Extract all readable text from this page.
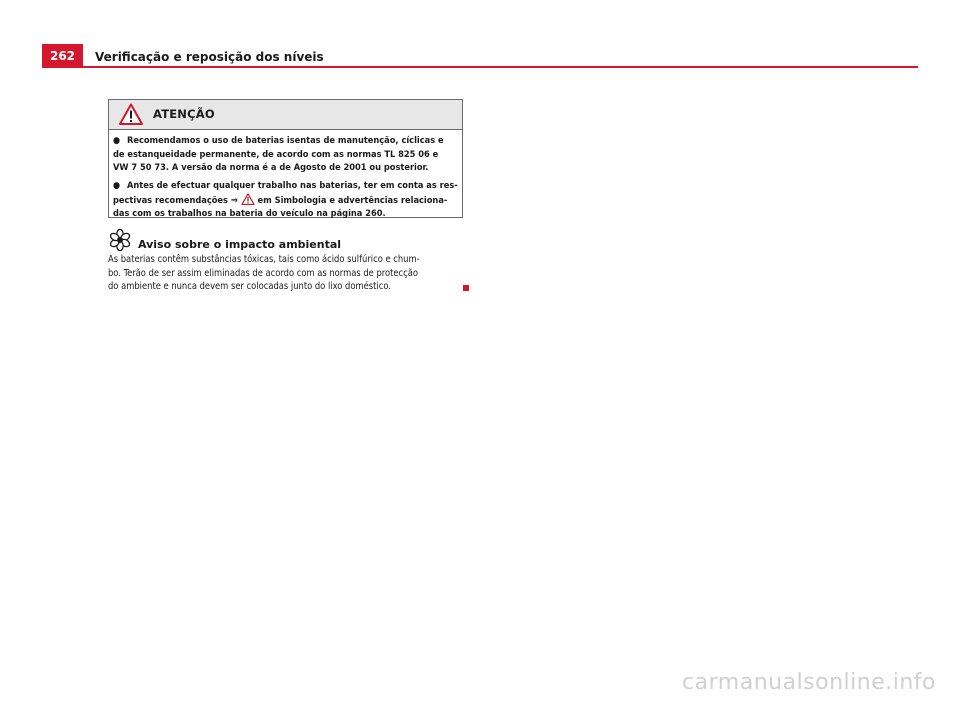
262	Verificação e reposição dos níveis
ATENÇÃO
● Recomendamos o uso de baterias isentas de manutenção, cíclicas e
de estanqueidade permanente, de acordo com as normas TL 825 06 e
VW 7 50 73. A versão da norma é a de Agosto de 2001 ou posterior.
● Antes de efectuar qualquer trabalho nas baterias, ter em conta as res-
pectivas recomendações ⇒ em Simbologia e advertências relaciona-
das com os trabalhos na bateria do veículo na página 260.
Aviso sobre o impacto ambiental
As baterias contêm substâncias tóxicas, tais como ácido sulfúrico e chum-
bo. Terão de ser assim eliminadas de acordo com as normas de protecção
do ambiente e nunca devem ser colocadas junto do lixo doméstico.
carmanualsonline.info
